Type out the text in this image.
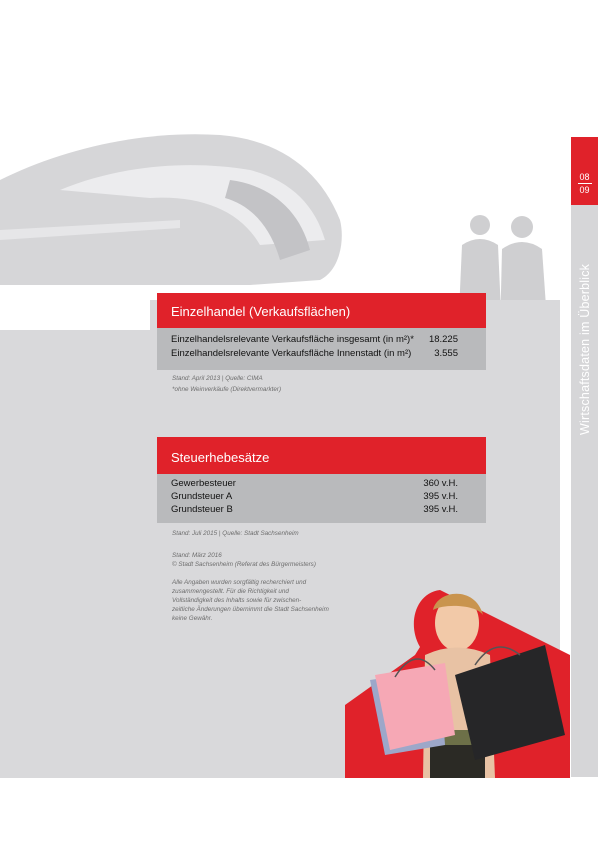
08
09
Einzelhandel (Verkaufsflächen)
Einzelhandelsrelevante Verkaufsfläche insgesamt (in m²)* 18.225
Einzelhandelsrelevante Verkaufsfläche Innenstadt (in m²) 3.555
Stand: April 2013 | Quelle: CIMA
*ohne Weinverkäufe (Direktvermarkter)
Steuerhebesätze
Gewerbesteuer	360 v.H.
Grundsteuer A	395 v.H.
Grundsteuer B	395 v.H.
Stand: Juli 2015 | Quelle: Stadt Sachsenheim
Stand: März 2016
© Stadt Sachsenheim (Referat des Bürgermeisters)
Alle Angaben wurden sorgfältig recherchiert und
zusammengestellt. Für die Richtigkeit und
Vollständigkeit des Inhalts sowie für zwischen-
zeitliche Änderungen übernimmt die Stadt Sachsenheim
keine Gewähr.
